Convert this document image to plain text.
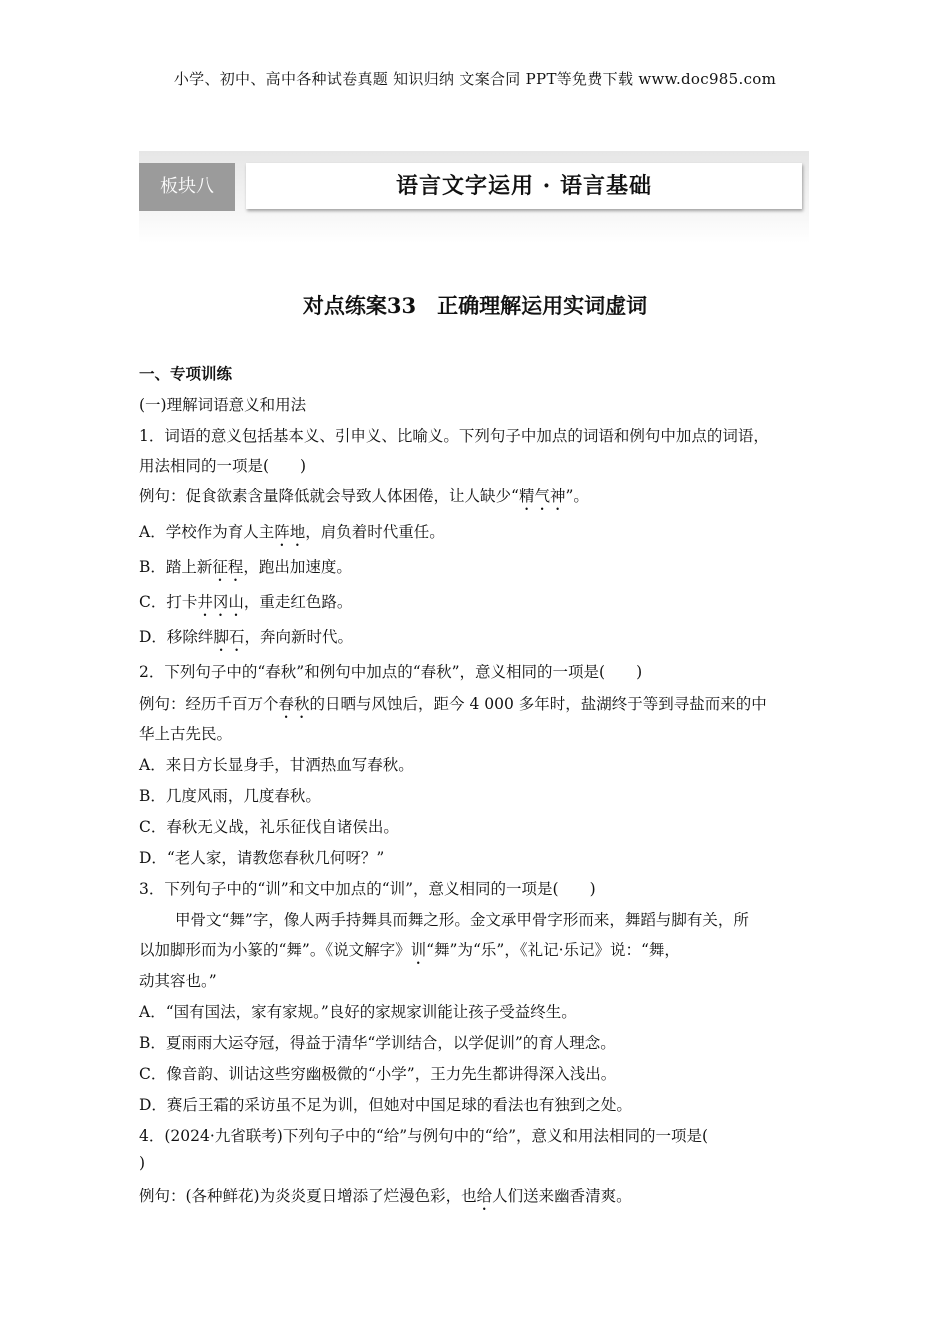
小学、初中、高中各种试卷真题 知识归纳 文案合同 PPT等免费下载 www.doc985.com
板块八	语言文字运用 · 语言基础
对点练案33　正确理解运用实词虚词
一、专项训练
(一)理解词语意义和用法
1．词语的意义包括基本义、引申义、比喻义。下列句子中加点的词语和例句中加点的词语，
用法相同的一项是(　　)
例句：促食欲素含量降低就会导致人体困倦，让人缺少“精气神”。
A．学校作为育人主阵地，肩负着时代重任。
B．踏上新征程，跑出加速度。
C．打卡井冈山，重走红色路。
D．移除绊脚石，奔向新时代。
2．下列句子中的“春秋”和例句中加点的“春秋”，意义相同的一项是(　　)
例句：经历千百万个春秋的日晒与风蚀后，距今 4 000 多年时，盐湖终于等到寻盐而来的中
华上古先民。
A．来日方长显身手，甘洒热血写春秋。
B．几度风雨，几度春秋。
C．春秋无义战，礼乐征伐自诸侯出。
D．“老人家，请教您春秋几何呀？”
3．下列句子中的“训”和文中加点的“训”，意义相同的一项是(　　)
甲骨文“舞”字，像人两手持舞具而舞之形。金文承甲骨字形而来，舞蹈与脚有关，所
以加脚形而为小篆的“舞”。《说文解字》训“舞”为“乐”，《礼记·乐记》说：“舞，
动其容也。”
A．“国有国法，家有家规。”良好的家规家训能让孩子受益终生。
B．夏雨雨大运夺冠，得益于清华“学训结合，以学促训”的育人理念。
C．像音韵、训诂这些穷幽极微的“小学”，王力先生都讲得深入浅出。
D．赛后王霜的采访虽不足为训，但她对中国足球的看法也有独到之处。
4．(2024·九省联考)下列句子中的“给”与例句中的“给”，意义和用法相同的一项是(
)
例句：(各种鲜花)为炎炎夏日增添了烂漫色彩，也给人们送来幽香清爽。
